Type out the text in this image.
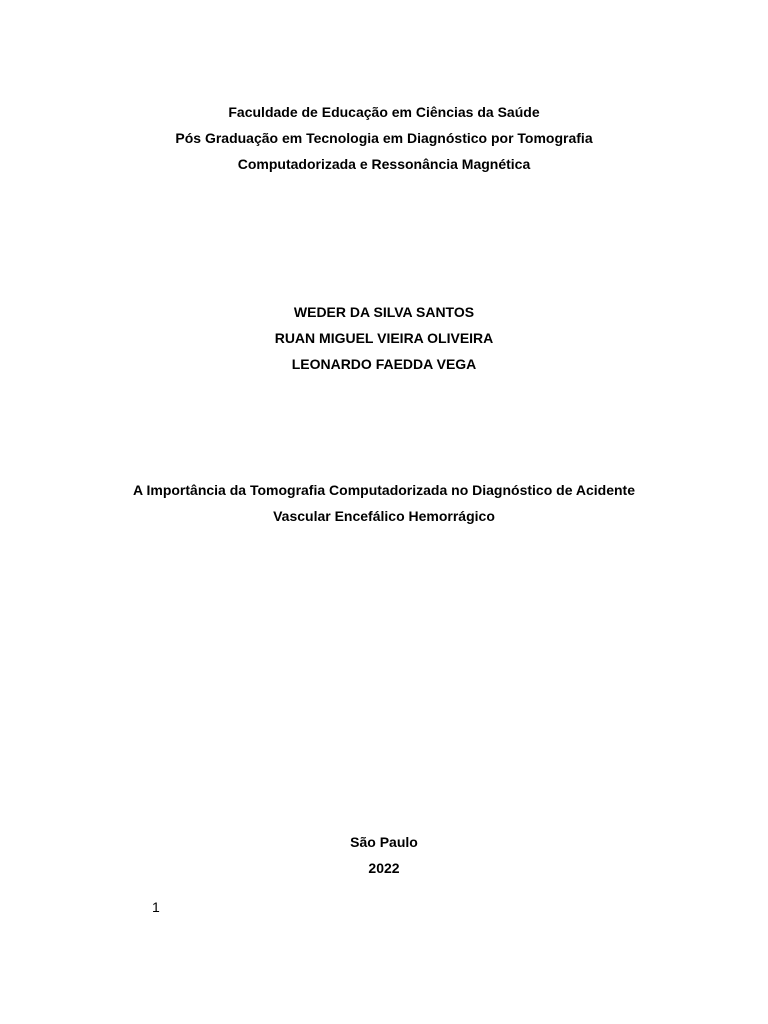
Faculdade de Educação em Ciências da Saúde
Pós Graduação em Tecnologia em Diagnóstico por Tomografia
Computadorizada e Ressonância Magnética
WEDER DA SILVA SANTOS
RUAN MIGUEL VIEIRA OLIVEIRA
LEONARDO FAEDDA VEGA
A Importância da Tomografia Computadorizada no Diagnóstico de Acidente
Vascular Encefálico Hemorrágico
São Paulo
2022
1
